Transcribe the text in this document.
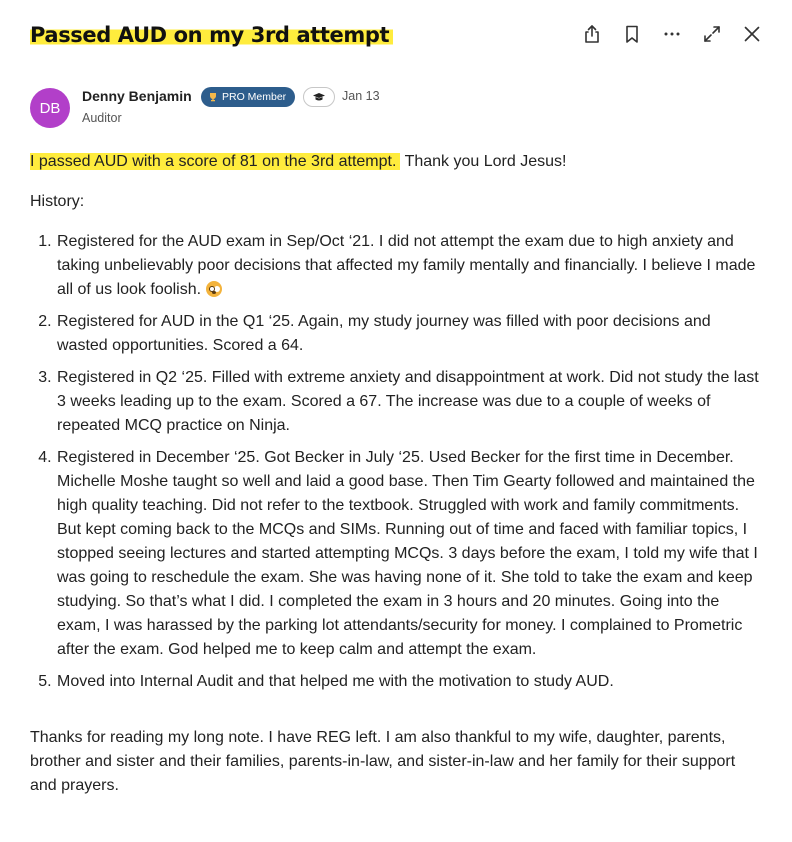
Passed AUD on my 3rd attempt
DB
Denny Benjamin	PRO Member	Jan 13
Auditor

I passed AUD with a score of 81 on the 3rd attempt. Thank you Lord Jesus!

History:

1. Registered for the AUD exam in Sep/Oct ‘21. I did not attempt the exam due to high anxiety and taking unbelievably poor decisions that affected my family mentally and financially. I believe I made all of us look foolish.
2. Registered for AUD in the Q1 ‘25. Again, my study journey was filled with poor decisions and wasted opportunities. Scored a 64.
3. Registered in Q2 ‘25. Filled with extreme anxiety and disappointment at work. Did not study the last 3 weeks leading up to the exam. Scored a 67. The increase was due to a couple of weeks of repeated MCQ practice on Ninja.
4. Registered in December ‘25. Got Becker in July ‘25. Used Becker for the first time in December. Michelle Moshe taught so well and laid a good base. Then Tim Gearty followed and maintained the high quality teaching. Did not refer to the textbook. Struggled with work and family commitments. But kept coming back to the MCQs and SIMs. Running out of time and faced with familiar topics, I stopped seeing lectures and started attempting MCQs. 3 days before the exam, I told my wife that I was going to reschedule the exam. She was having none of it. She told to take the exam and keep studying. So that’s what I did. I completed the exam in 3 hours and 20 minutes. Going into the exam, I was harassed by the parking lot attendants/security for money. I complained to Prometric after the exam. God helped me to keep calm and attempt the exam.
5. Moved into Internal Audit and that helped me with the motivation to study AUD.

Thanks for reading my long note. I have REG left. I am also thankful to my wife, daughter, parents, brother and sister and their families, parents-in-law, and sister-in-law and her family for their support and prayers.
